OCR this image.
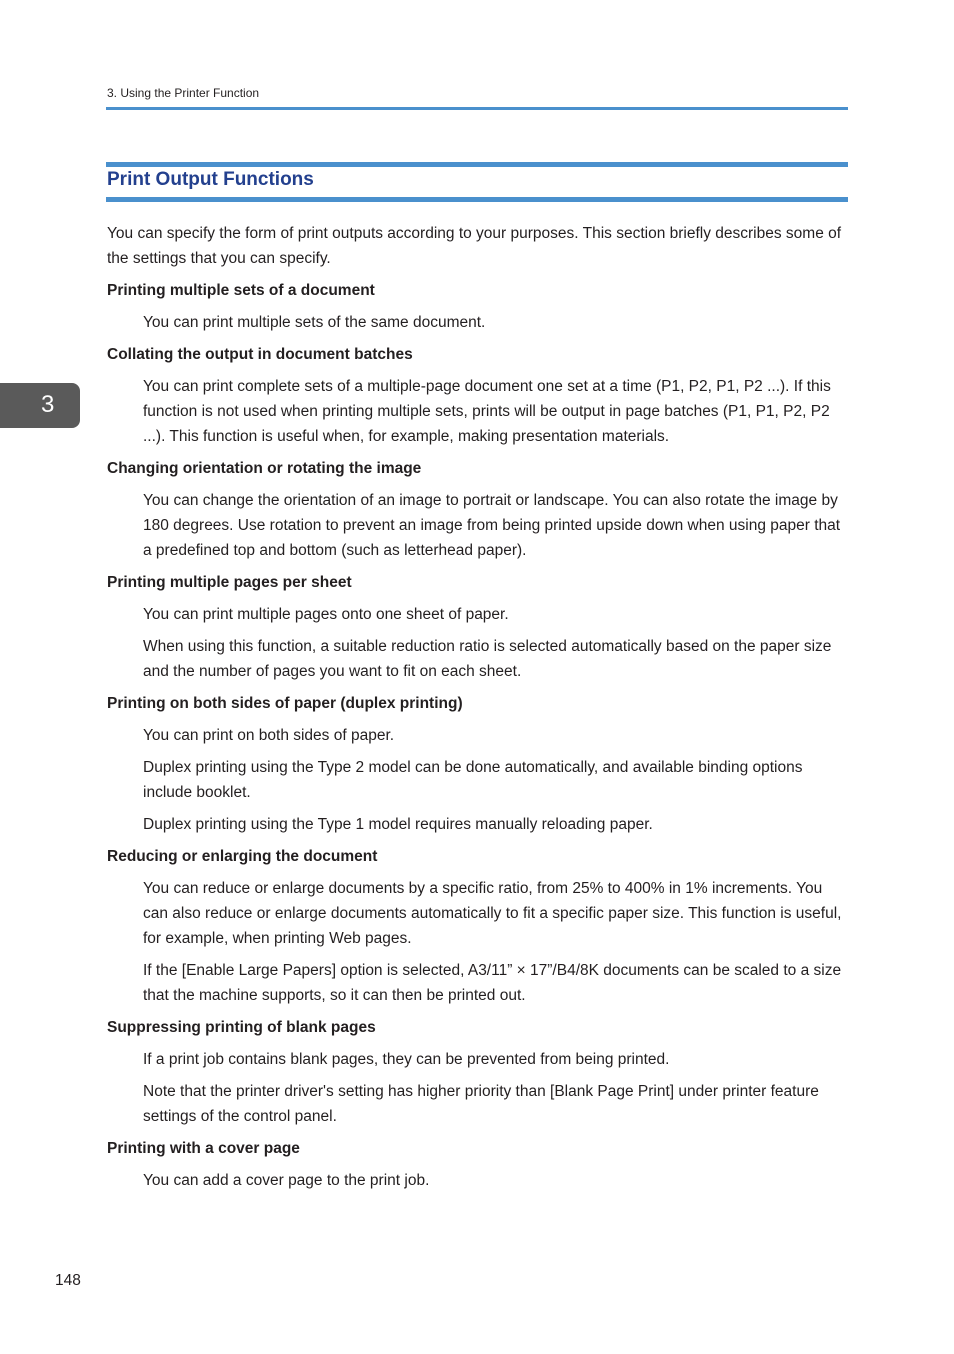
3. Using the Printer Function
Print Output Functions
3

You can specify the form of print outputs according to your purposes. This section briefly describes some of the settings that you can specify.

Printing multiple sets of a document

You can print multiple sets of the same document.

Collating the output in document batches

You can print complete sets of a multiple-page document one set at a time (P1, P2, P1, P2 ...). If this function is not used when printing multiple sets, prints will be output in page batches (P1, P1, P2, P2 ...). This function is useful when, for example, making presentation materials.

Changing orientation or rotating the image

You can change the orientation of an image to portrait or landscape. You can also rotate the image by 180 degrees. Use rotation to prevent an image from being printed upside down when using paper that a predefined top and bottom (such as letterhead paper).

Printing multiple pages per sheet

You can print multiple pages onto one sheet of paper.

When using this function, a suitable reduction ratio is selected automatically based on the paper size and the number of pages you want to fit on each sheet.

Printing on both sides of paper (duplex printing)

You can print on both sides of paper.

Duplex printing using the Type 2 model can be done automatically, and available binding options include booklet.

Duplex printing using the Type 1 model requires manually reloading paper.

Reducing or enlarging the document

You can reduce or enlarge documents by a specific ratio, from 25% to 400% in 1% increments. You can also reduce or enlarge documents automatically to fit a specific paper size. This function is useful, for example, when printing Web pages.

If the [Enable Large Papers] option is selected, A3/11” × 17”/B4/8K documents can be scaled to a size that the machine supports, so it can then be printed out.

Suppressing printing of blank pages

If a print job contains blank pages, they can be prevented from being printed.

Note that the printer driver's setting has higher priority than [Blank Page Print] under printer feature settings of the control panel.

Printing with a cover page

You can add a cover page to the print job.

148
